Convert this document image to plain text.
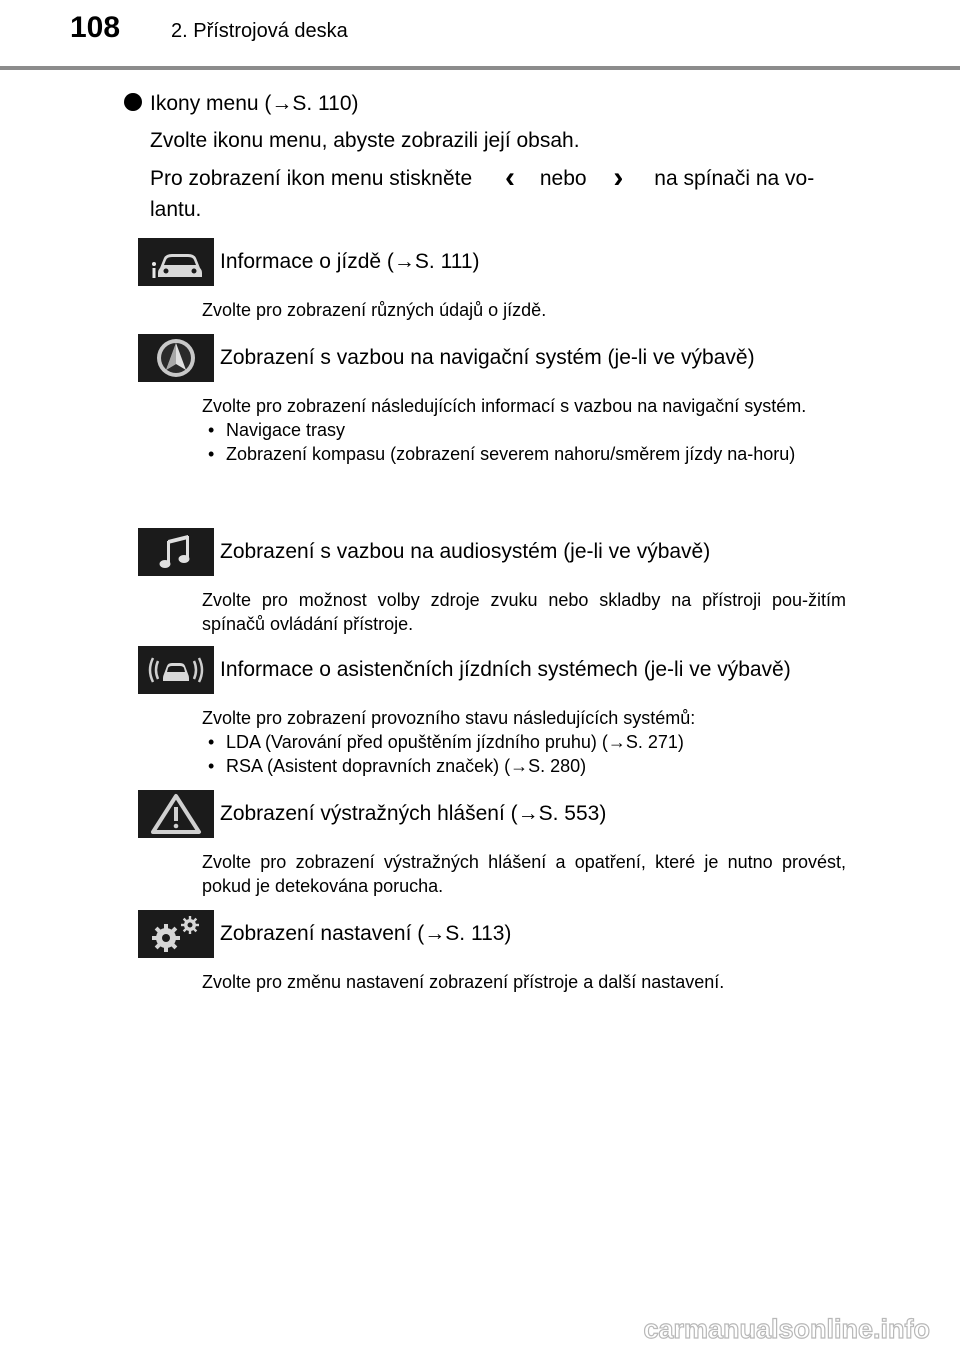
108	2. Přístrojová deska
Ikony menu (→S. 110)
Zvolte ikonu menu, abyste zobrazili její obsah.
Pro zobrazení ikon menu stiskněte ‹ nebo › na spínači na vo-
lantu.
Informace o jízdě (→S. 111)
Zvolte pro zobrazení různých údajů o jízdě.
Zobrazení s vazbou na navigační systém (je-li ve výbavě)
Zvolte pro zobrazení následujících informací s vazbou na navigační systém.
• Navigace trasy
• Zobrazení kompasu (zobrazení severem nahoru/směrem jízdy na-horu)
Zobrazení s vazbou na audiosystém (je-li ve výbavě)
Zvolte pro možnost volby zdroje zvuku nebo skladby na přístroji pou-žitím spínačů ovládání přístroje.
Informace o asistenčních jízdních systémech (je-li ve výbavě)
Zvolte pro zobrazení provozního stavu následujících systémů:
• LDA (Varování před opuštěním jízdního pruhu) (→S. 271)
• RSA (Asistent dopravních značek) (→S. 280)
Zobrazení výstražných hlášení (→S. 553)
Zvolte pro zobrazení výstražných hlášení a opatření, které je nutno provést, pokud je detekována porucha.
Zobrazení nastavení (→S. 113)
Zvolte pro změnu nastavení zobrazení přístroje a další nastavení.
carmanualsonline.info
